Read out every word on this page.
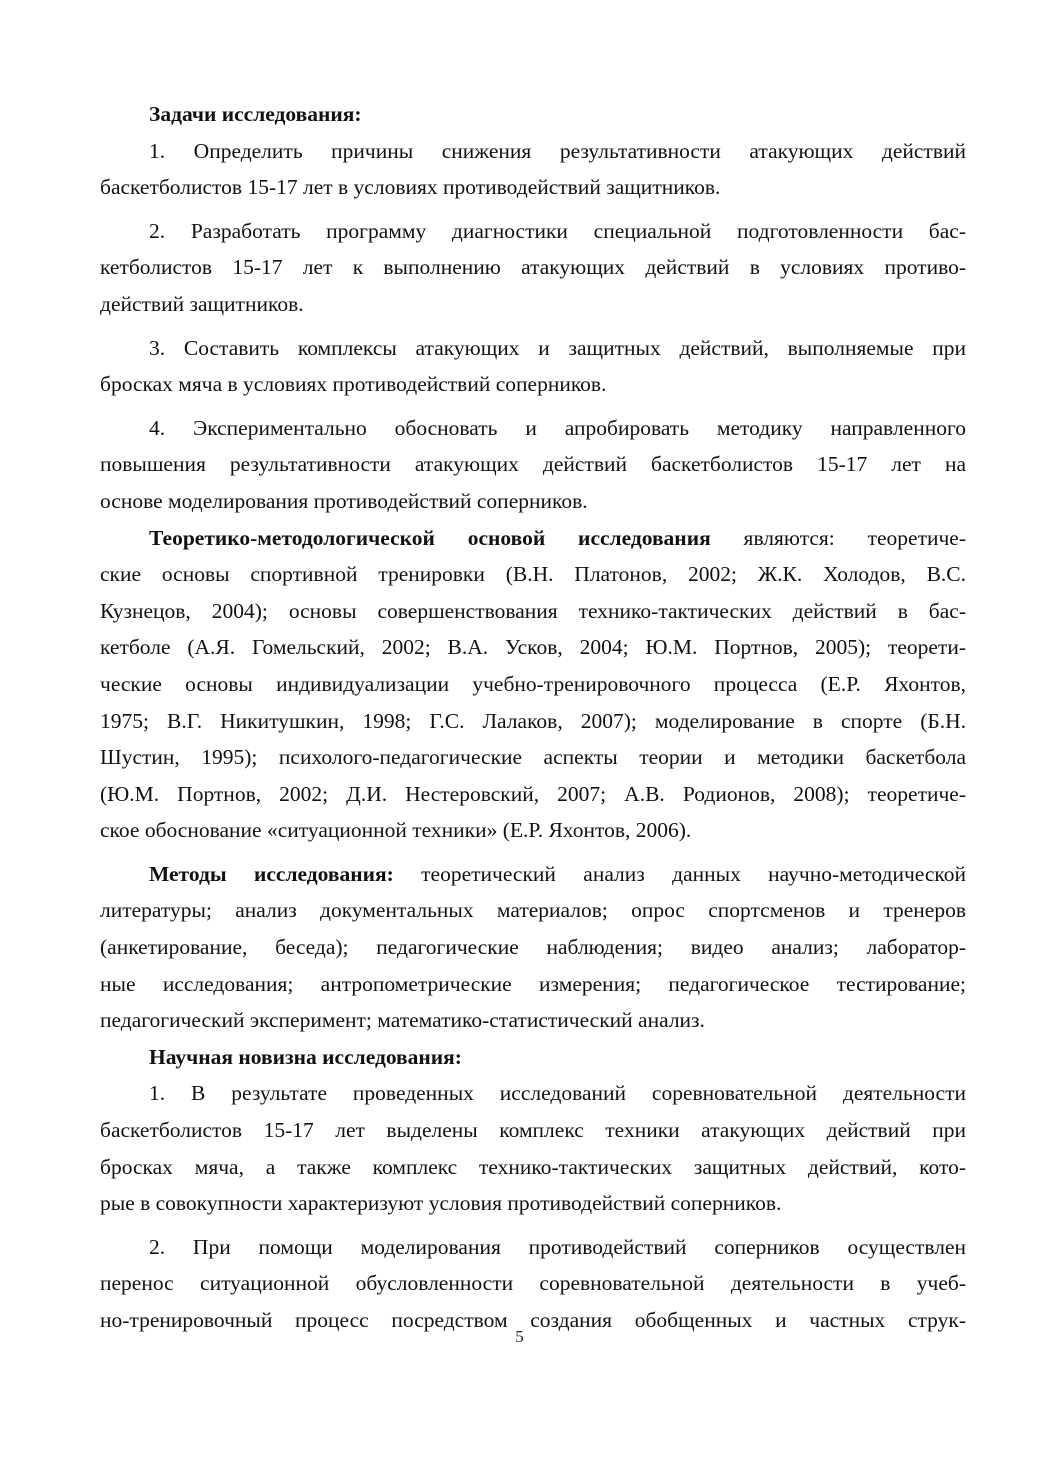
Задачи исследования:
1. Определить причины снижения результативности атакующих действий
баскетболистов 15-17 лет в условиях противодействий защитников.
2. Разработать программу диагностики специальной подготовленности бас-
кетболистов 15-17 лет к выполнению атакующих действий в условиях противо-
действий защитников.
3. Составить комплексы атакующих и защитных действий, выполняемые при
бросках мяча в условиях противодействий соперников.
4. Экспериментально обосновать и апробировать методику направленного
повышения результативности атакующих действий баскетболистов 15-17 лет на
основе моделирования противодействий соперников.
Теоретико-методологической основой исследования являются: теоретиче-
ские основы спортивной тренировки (В.Н. Платонов, 2002; Ж.К. Холодов, В.С.
Кузнецов, 2004); основы совершенствования технико-тактических действий в бас-
кетболе (А.Я. Гомельский, 2002; В.А. Усков, 2004; Ю.М. Портнов, 2005); теорети-
ческие основы индивидуализации учебно-тренировочного процесса (Е.Р. Яхонтов,
1975; В.Г. Никитушкин, 1998; Г.С. Лалаков, 2007); моделирование в спорте (Б.Н.
Шустин, 1995); психолого-педагогические аспекты теории и методики баскетбола
(Ю.М. Портнов, 2002; Д.И. Нестеровский, 2007; А.В. Родионов, 2008); теоретиче-
ское обоснование «ситуационной техники» (Е.Р. Яхонтов, 2006).
Методы исследования: теоретический анализ данных научно-методической
литературы; анализ документальных материалов; опрос спортсменов и тренеров
(анкетирование, беседа); педагогические наблюдения; видео анализ; лаборатор-
ные исследования; антропометрические измерения; педагогическое тестирование;
педагогический эксперимент; математико-статистический анализ.
Научная новизна исследования:
1. В результате проведенных исследований соревновательной деятельности
баскетболистов 15-17 лет выделены комплекс техники атакующих действий при
бросках мяча, а также комплекс технико-тактических защитных действий, кото-
рые в совокупности характеризуют условия противодействий соперников.
2. При помощи моделирования противодействий соперников осуществлен
перенос ситуационной обусловленности соревновательной деятельности в учеб-
но-тренировочный процесс посредством создания обобщенных и частных струк-
5
